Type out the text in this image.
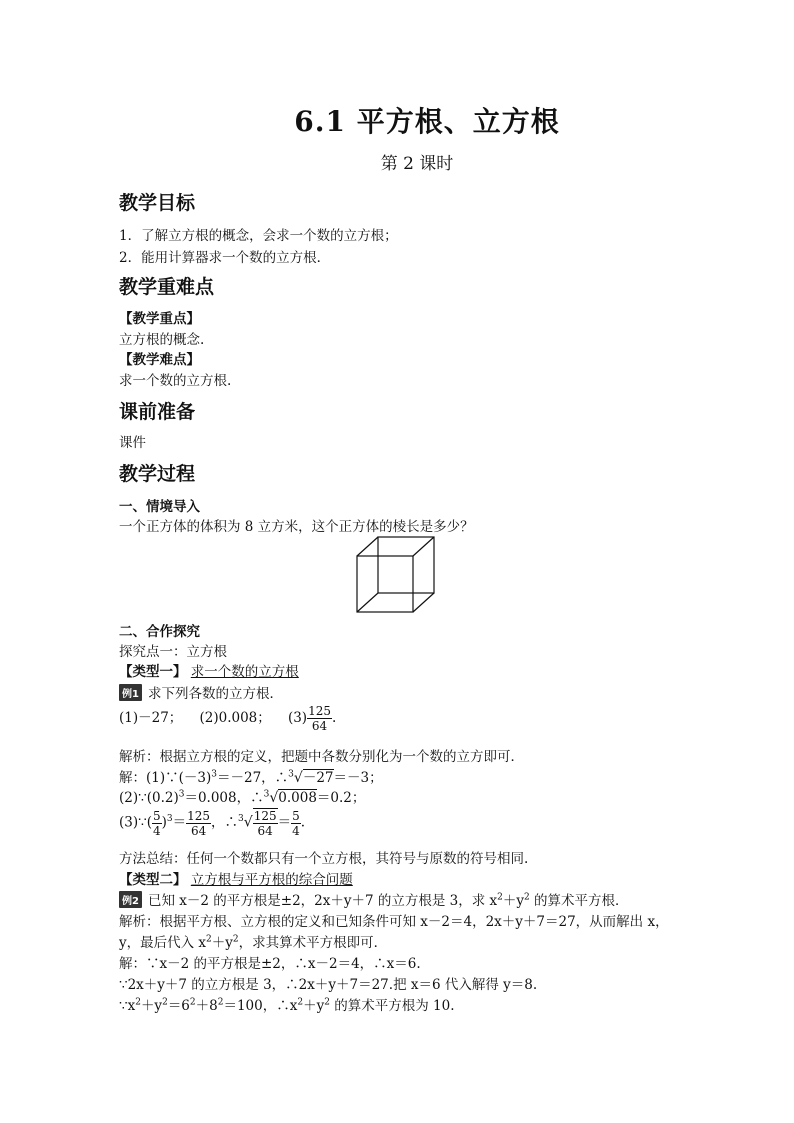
6.1 平方根、立方根
第 2 课时
教学目标
1．了解立方根的概念，会求一个数的立方根；
2．能用计算器求一个数的立方根．
教学重难点
【教学重点】
立方根的概念.
【教学难点】
求一个数的立方根.
课前准备
课件
教学过程
一、情境导入
一个正方体的体积为 8 立方米，这个正方体的棱长是多少？
二、合作探究
探究点一：立方根
【类型一】 求一个数的立方根
例1 求下列各数的立方根．
(1)－27； (2)0.008； $(3) \frac{125}{64}$ .
解析：根据立方根的定义，把题中各数分别化为一个数的立方即可．
解：$(1)\because(-3)^3=-27$，∴$^3$√－27＝－3；
$(2)\because(0.2)^3=0.008$，∴$^3$√0.008＝0.2；
(3)∵( $\frac{5}{4} )^3= \frac{125}{64}$ ，∴$^3$√ $\frac{125}{64} = \frac{5}{4}$ .
方法总结：任何一个数都只有一个立方根，其符号与原数的符号相同.
【类型二】 立方根与平方根的综合问题
例2 已知 x－2 的平方根是±2，2x＋y＋7 的立方根是 3，求 $x^2+y^2$ 的算术平方根．
解析：根据平方根、立方根的定义和已知条件可知 x－2＝4，2x＋y＋7＝27，从而解出 x，
y，最后代入 $x^2+y^2$，求其算术平方根即可．
解：∵x－2 的平方根是±2，∴x－2＝4，∴x＝6.
∵2x＋y＋7 的立方根是 3，∴2x＋y＋7＝27.把 x＝6 代入解得 y＝8.
$\because x^2+y^2=6^2+8^2=100$，$\therefore x^2+y^2$ 的算术平方根为 10.
